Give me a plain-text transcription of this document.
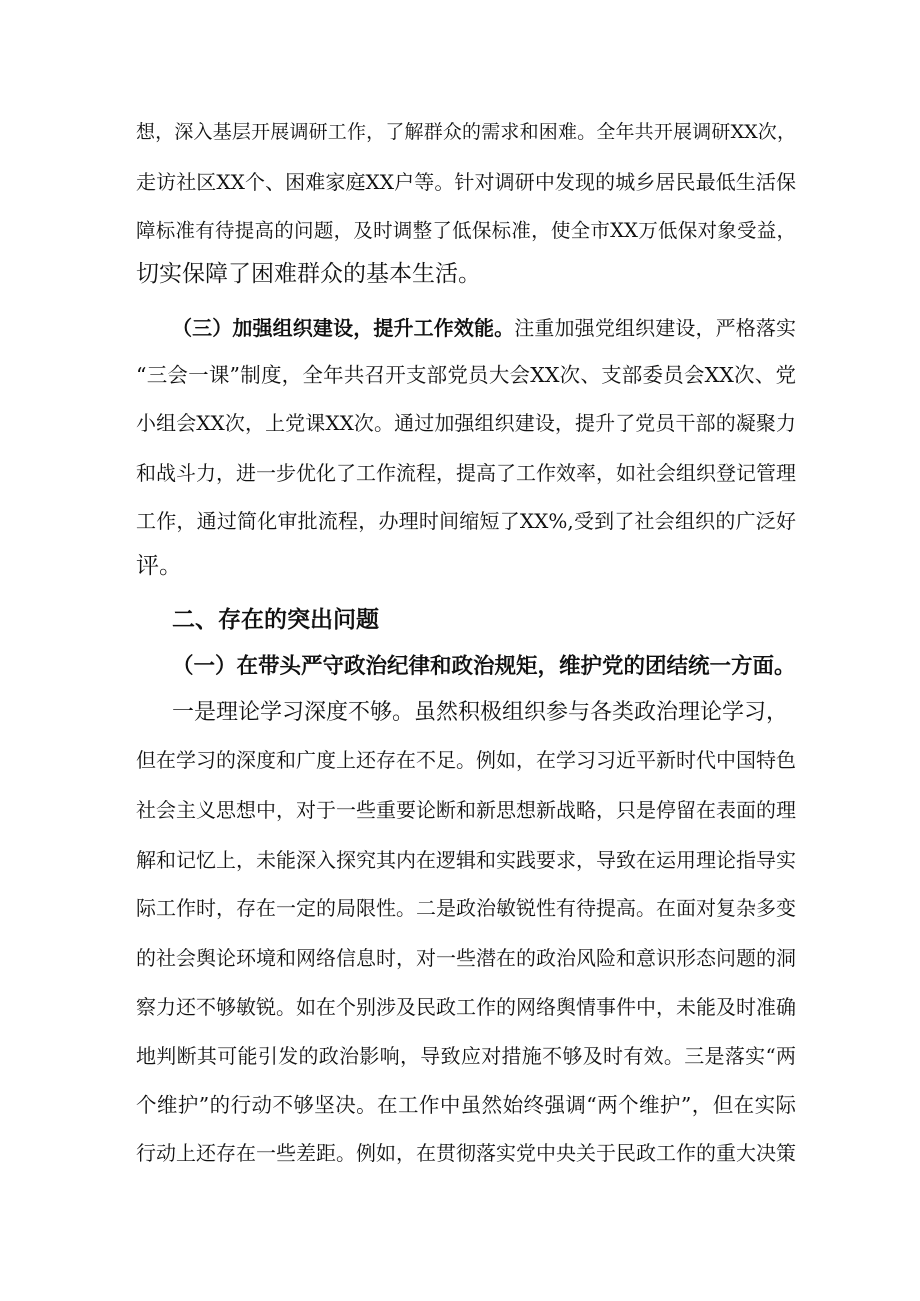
想，深入基层开展调研工作，了解群众的需求和困难。全年共开展调研XX次，
走访社区XX个、困难家庭XX户等。针对调研中发现的城乡居民最低生活保
障标准有待提高的问题，及时调整了低保标准，使全市XX万低保对象受益，
切实保障了困难群众的基本生活。
（三）加强组织建设，提升工作效能。注重加强党组织建设，严格落实
“三会一课”制度，全年共召开支部党员大会XX次、支部委员会XX次、党
小组会XX次，上党课XX次。通过加强组织建设，提升了党员干部的凝聚力
和战斗力，进一步优化了工作流程，提高了工作效率，如社会组织登记管理
工作，通过简化审批流程，办理时间缩短了XX%,受到了社会组织的广泛好
评。
二、存在的突出问题
（一）在带头严守政治纪律和政治规矩，维护党的团结统一方面。
一是理论学习深度不够。虽然积极组织参与各类政治理论学习，
但在学习的深度和广度上还存在不足。例如，在学习习近平新时代中国特色
社会主义思想中，对于一些重要论断和新思想新战略，只是停留在表面的理
解和记忆上，未能深入探究其内在逻辑和实践要求，导致在运用理论指导实
际工作时，存在一定的局限性。二是政治敏锐性有待提高。在面对复杂多变
的社会舆论环境和网络信息时，对一些潜在的政治风险和意识形态问题的洞
察力还不够敏锐。如在个别涉及民政工作的网络舆情事件中，未能及时准确
地判断其可能引发的政治影响，导致应对措施不够及时有效。三是落实“两
个维护”的行动不够坚决。在工作中虽然始终强调“两个维护”，但在实际
行动上还存在一些差距。例如，在贯彻落实党中央关于民政工作的重大决策
